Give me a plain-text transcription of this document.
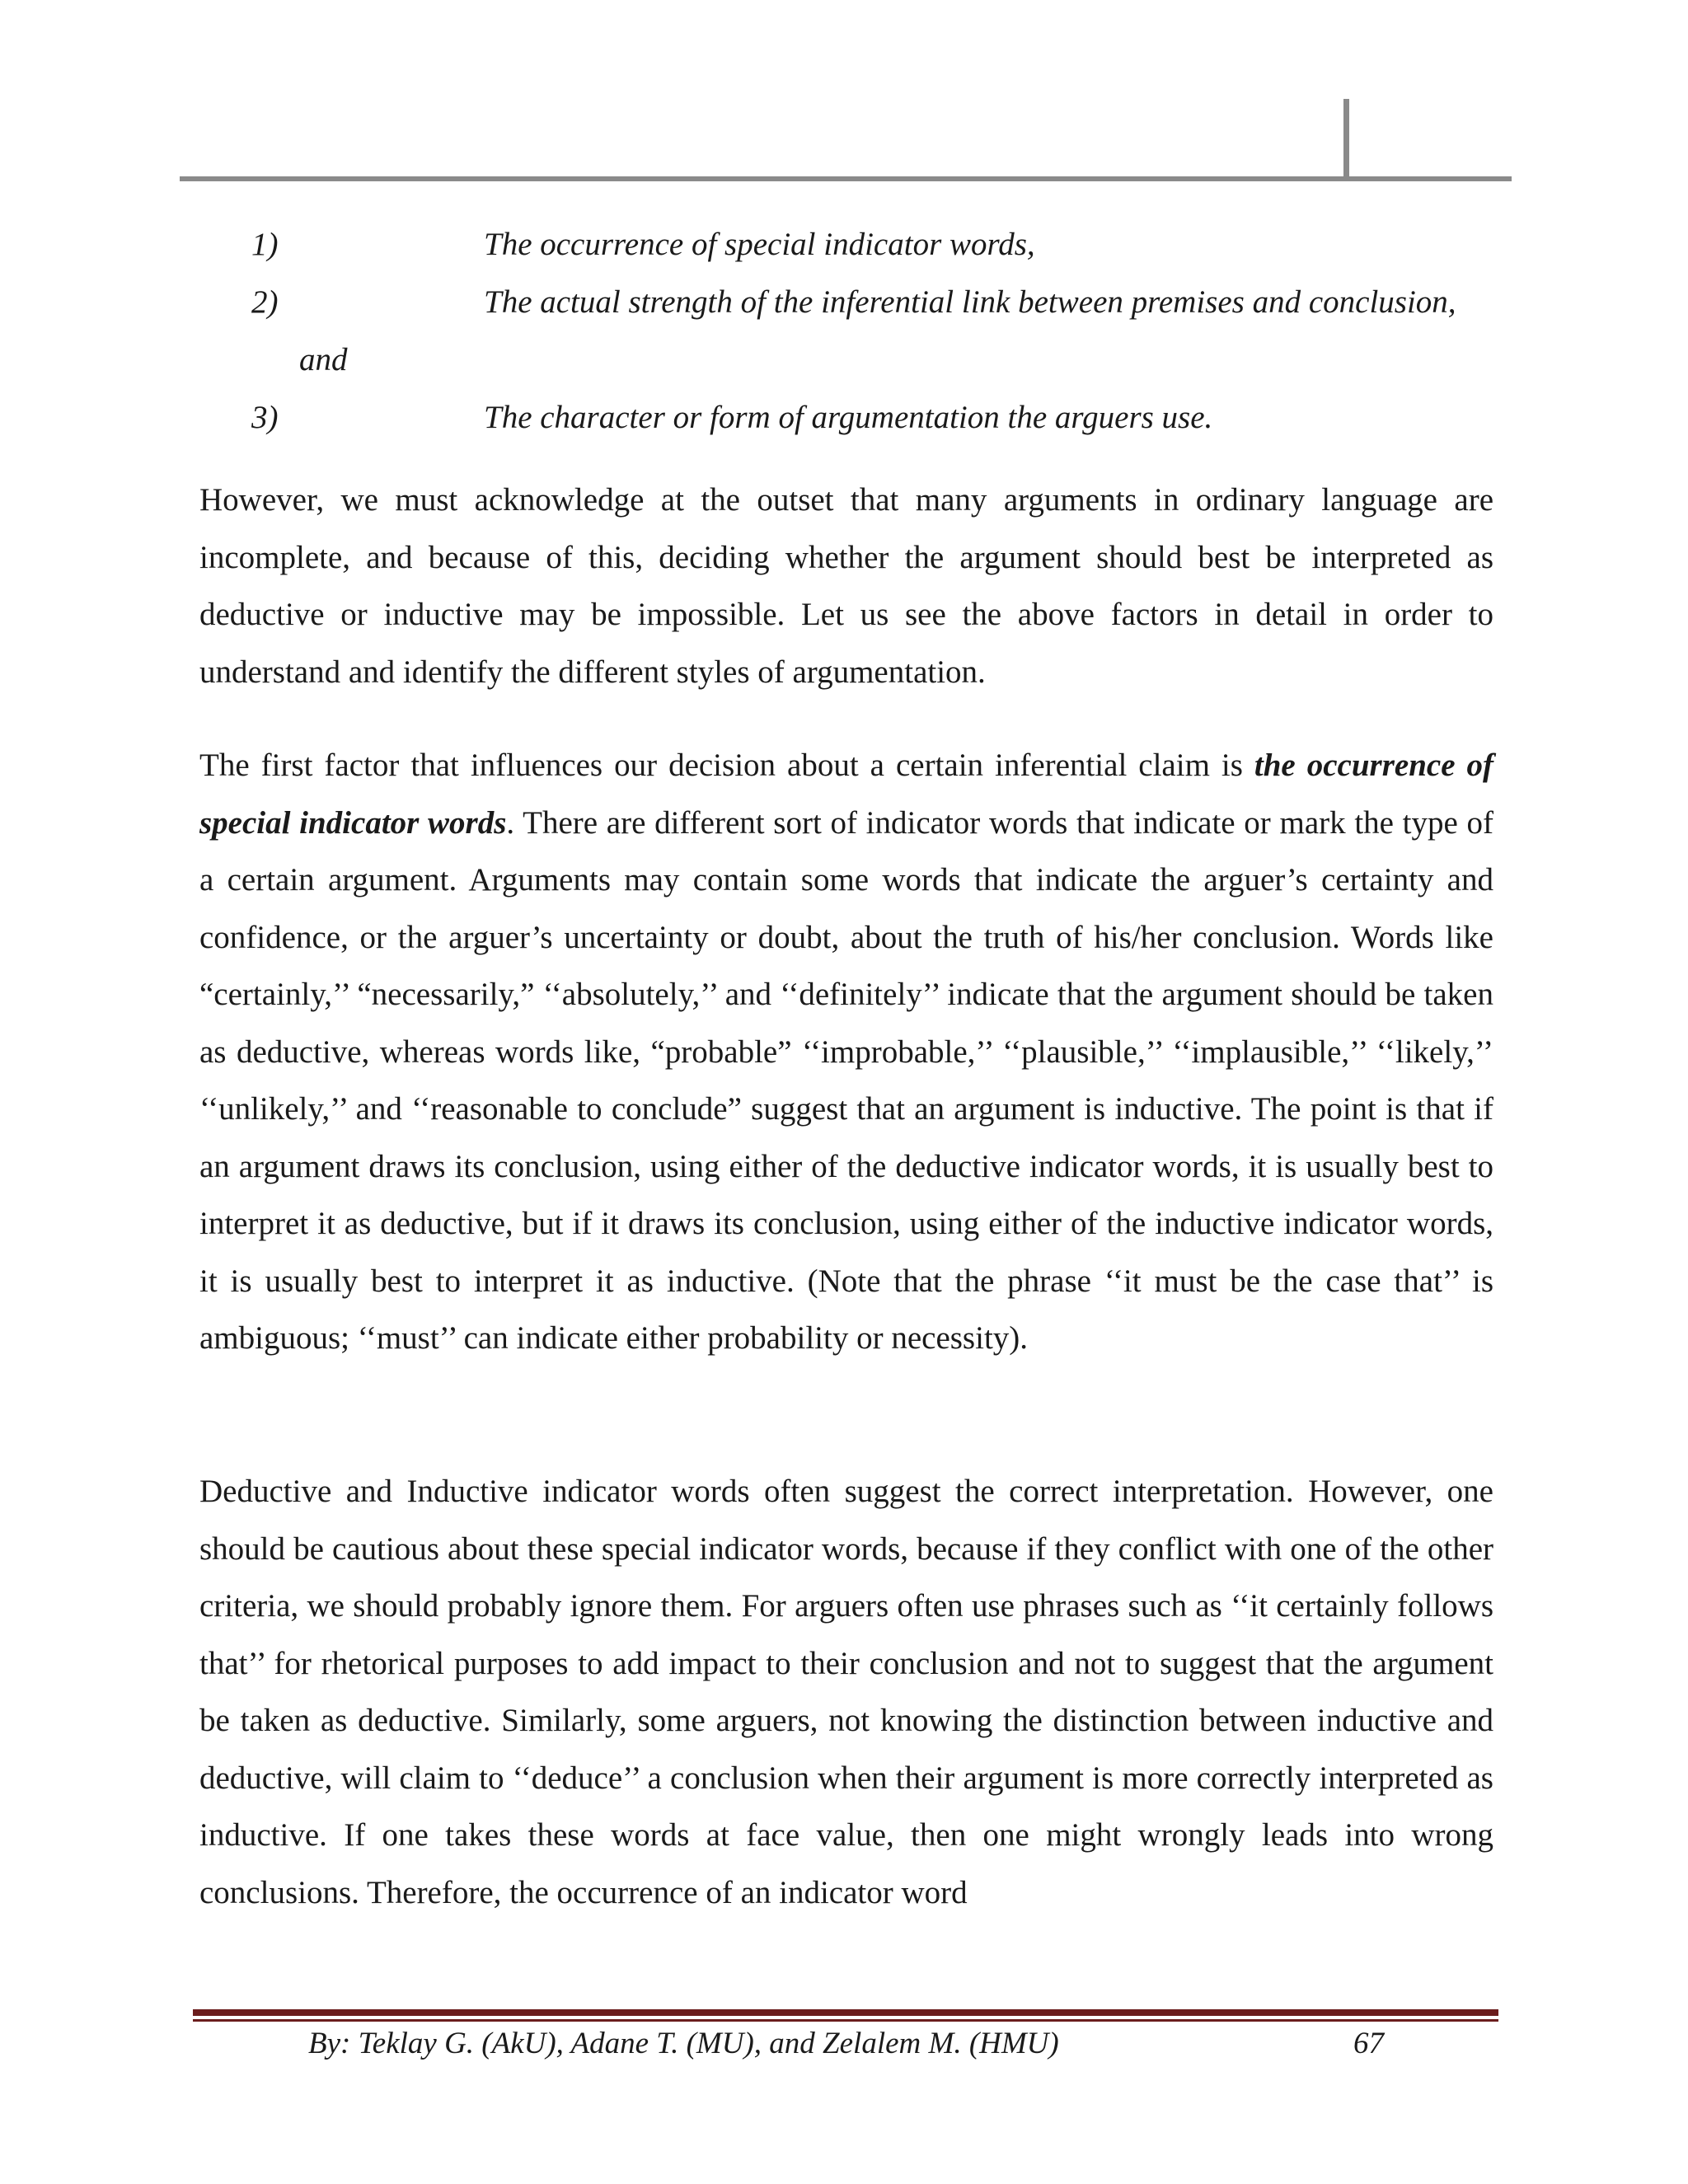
1)	The occurrence of special indicator words,
2)	The actual strength of the inferential link between premises and conclusion,
and
3)	The character or form of argumentation the arguers use.

However, we must acknowledge at the outset that many arguments in ordinary language are incomplete, and because of this, deciding whether the argument should best be interpreted as deductive or inductive may be impossible. Let us see the above factors in detail in order to understand and identify the different styles of argumentation.

The first factor that influences our decision about a certain inferential claim is the occurrence of special indicator words. There are different sort of indicator words that indicate or mark the type of a certain argument. Arguments may contain some words that indicate the arguer’s certainty and confidence, or the arguer’s uncertainty or doubt, about the truth of his/her conclusion. Words like “certainly,’’ “necessarily,” ‘‘absolutely,’’ and ‘‘definitely’’ indicate that the argument should be taken as deductive, whereas words like, “probable” ‘‘improbable,’’ ‘‘plausible,’’ ‘‘implausible,’’ ‘‘likely,’’ ‘‘unlikely,’’ and ‘‘reasonable to conclude” suggest that an argument is inductive. The point is that if an argument draws its conclusion, using either of the deductive indicator words, it is usually best to interpret it as deductive, but if it draws its conclusion, using either of the inductive indicator words, it is usually best to interpret it as inductive. (Note that the phrase ‘‘it must be the case that’’ is ambiguous; ‘‘must’’ can indicate either probability or necessity).

Deductive and Inductive indicator words often suggest the correct interpretation. However, one should be cautious about these special indicator words, because if they conflict with one of the other criteria, we should probably ignore them. For arguers often use phrases such as ‘‘it certainly follows that’’ for rhetorical purposes to add impact to their conclusion and not to suggest that the argument be taken as deductive. Similarly, some arguers, not knowing the distinction between inductive and deductive, will claim to ‘‘deduce’’ a conclusion when their argument is more correctly interpreted as inductive. If one takes these words at face value, then one might wrongly leads into wrong conclusions. Therefore, the occurrence of an indicator word

By: Teklay G. (AkU), Adane T. (MU), and Zelalem M. (HMU)	67
